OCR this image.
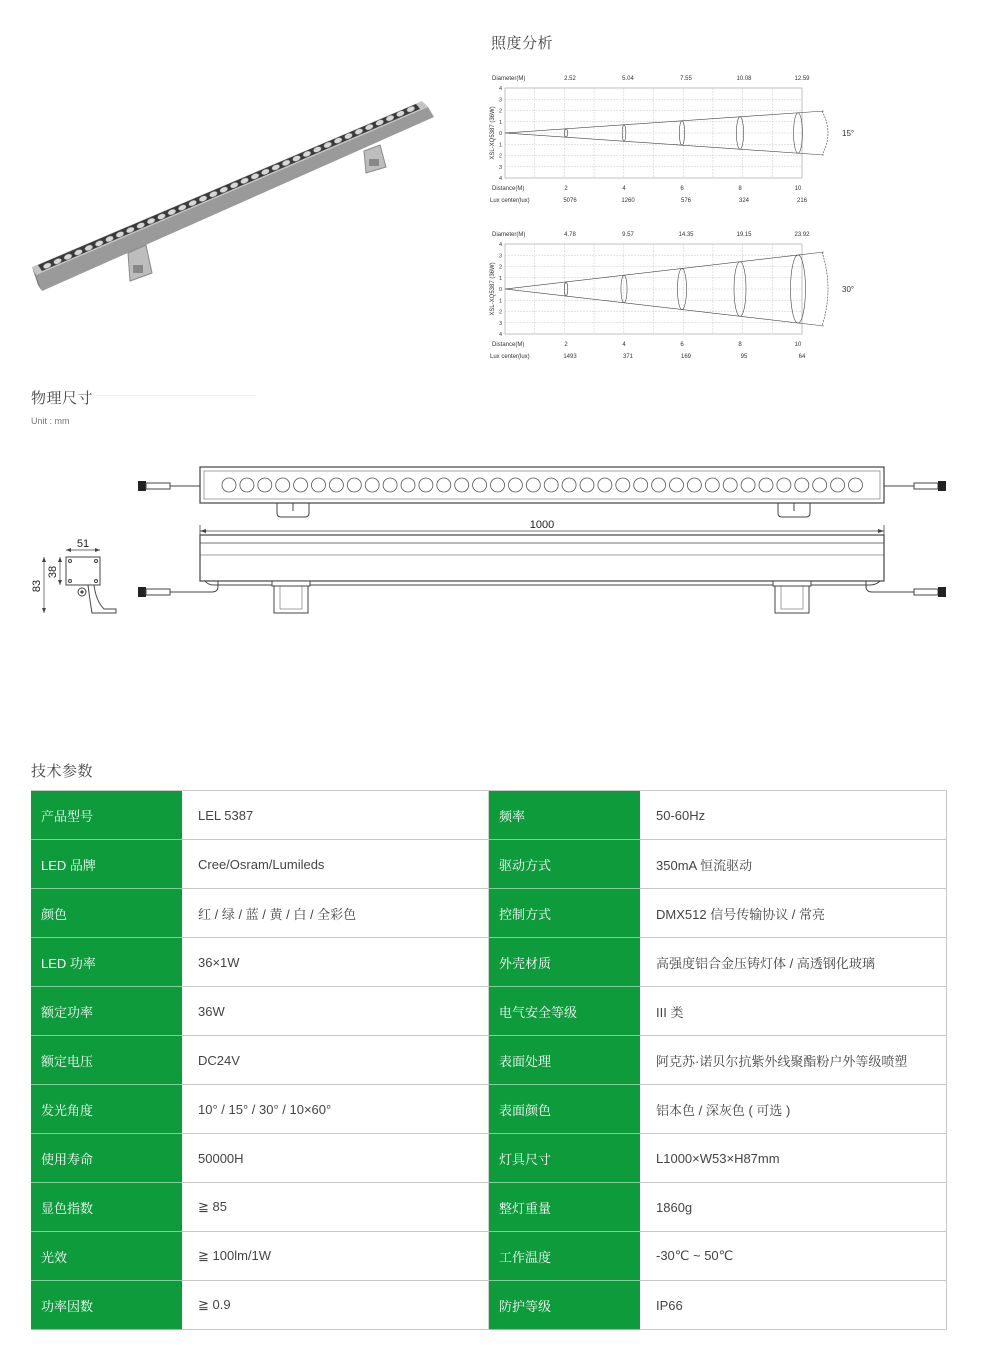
照度分析
Diameter(M)	2.52	5.04	7.55	10.08	12.59
4
3
2
1
0
1
2
3
4
XSL-XQ5387 (36W)	15°
Distance(M)	2	4	6	8	10
Lux center(lux)	5076	1260	576	324	216
Diameter(M)	4.78	9.57	14.35	19.15	23.92
4
3
2
1
0
1
2
3
4
XSL-XQ5387 (36W)	30°
Distance(M)	2	4	6	8	10
Lux center(lux)	1493	371	169	95	64
物理尺寸
Unit : mm
1000
51
38
83
技术参数
产品型号	LEL 5387	频率	50-60Hz
LED 品牌	Cree/Osram/Lumileds	驱动方式	350mA 恒流驱动
颜色	红 / 绿 / 蓝 / 黄 / 白 / 全彩色	控制方式	DMX512 信号传输协议 / 常亮
LED 功率	36×1W	外壳材质	高强度铝合金压铸灯体 / 高透钢化玻璃
额定功率	36W	电气安全等级	III 类
额定电压	DC24V	表面处理	阿克苏·诺贝尔抗紫外线聚酯粉户外等级喷塑
发光角度	10° / 15° / 30° / 10×60°	表面颜色	铝本色 / 深灰色 ( 可选 )
使用寿命	50000H	灯具尺寸	L1000×W53×H87mm
显色指数	≧ 85	整灯重量	1860g
光效	≧ 100lm/1W	工作温度	-30℃ ~ 50℃
功率因数	≧ 0.9	防护等级	IP66
